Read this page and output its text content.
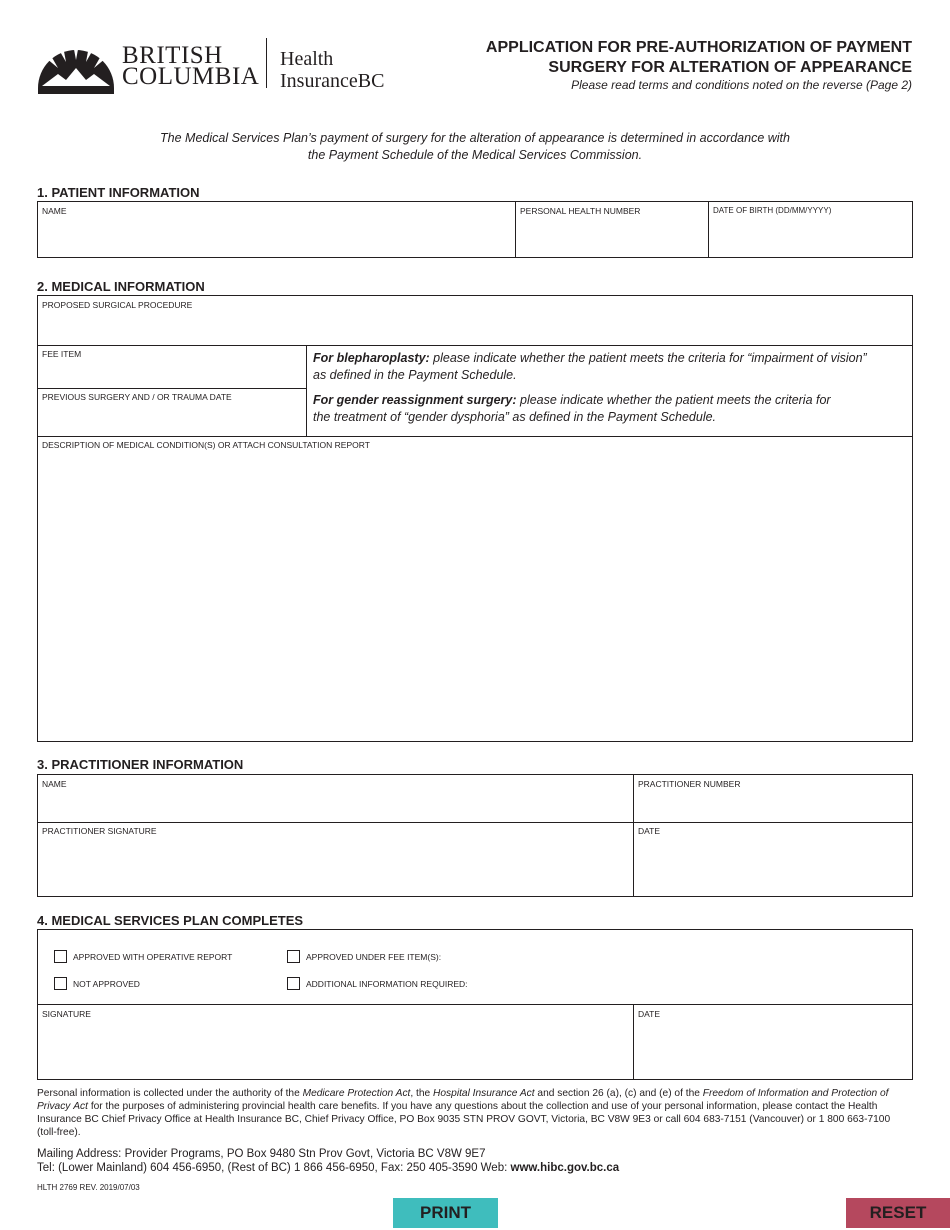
BRITISH
COLUMBIA
Health
InsuranceBC
APPLICATION FOR PRE-AUTHORIZATION OF PAYMENT
SURGERY FOR ALTERATION OF APPEARANCE
Please read terms and conditions noted on the reverse (Page 2)
The Medical Services Plan’s payment of surgery for the alteration of appearance is determined in accordance with
the Payment Schedule of the Medical Services Commission.
1. PATIENT INFORMATION
NAME	PERSONAL HEALTH NUMBER	DATE OF BIRTH (DD/MM/YYYY)
2. MEDICAL INFORMATION
PROPOSED SURGICAL PROCEDURE
FEE ITEM
PREVIOUS SURGERY AND / OR TRAUMA DATE
DESCRIPTION OF MEDICAL CONDITION(S) OR ATTACH CONSULTATION REPORT
For blepharoplasty: please indicate whether the patient meets the criteria for “impairment of vision”
as defined in the Payment Schedule.
For gender reassignment surgery: please indicate whether the patient meets the criteria for
the treatment of “gender dysphoria” as defined in the Payment Schedule.
3. PRACTITIONER INFORMATION
NAME	PRACTITIONER NUMBER
PRACTITIONER SIGNATURE	DATE
4. MEDICAL SERVICES PLAN COMPLETES
APPROVED WITH OPERATIVE REPORT
NOT APPROVED
APPROVED UNDER FEE ITEM(S):
ADDITIONAL INFORMATION REQUIRED:
SIGNATURE	DATE
Personal information is collected under the authority of the Medicare Protection Act, the Hospital Insurance Act and section 26 (a), (c) and (e) of the Freedom of Information and Protection of Privacy Act for the purposes of administering provincial health care benefits. If you have any questions about the collection and use of your personal information, please contact the Health Insurance BC Chief Privacy Office at Health Insurance BC, Chief Privacy Office, PO Box 9035 STN PROV GOVT, Victoria, BC V8W 9E3 or call 604 683-7151 (Vancouver) or 1 800 663-7100 (toll-free).
Mailing Address: Provider Programs, PO Box 9480 Stn Prov Govt, Victoria BC V8W 9E7
Tel: (Lower Mainland) 604 456-6950, (Rest of BC) 1 866 456-6950, Fax: 250 405-3590 Web: www.hibc.gov.bc.ca
HLTH 2769 REV. 2019/07/03
PRINT	RESET
